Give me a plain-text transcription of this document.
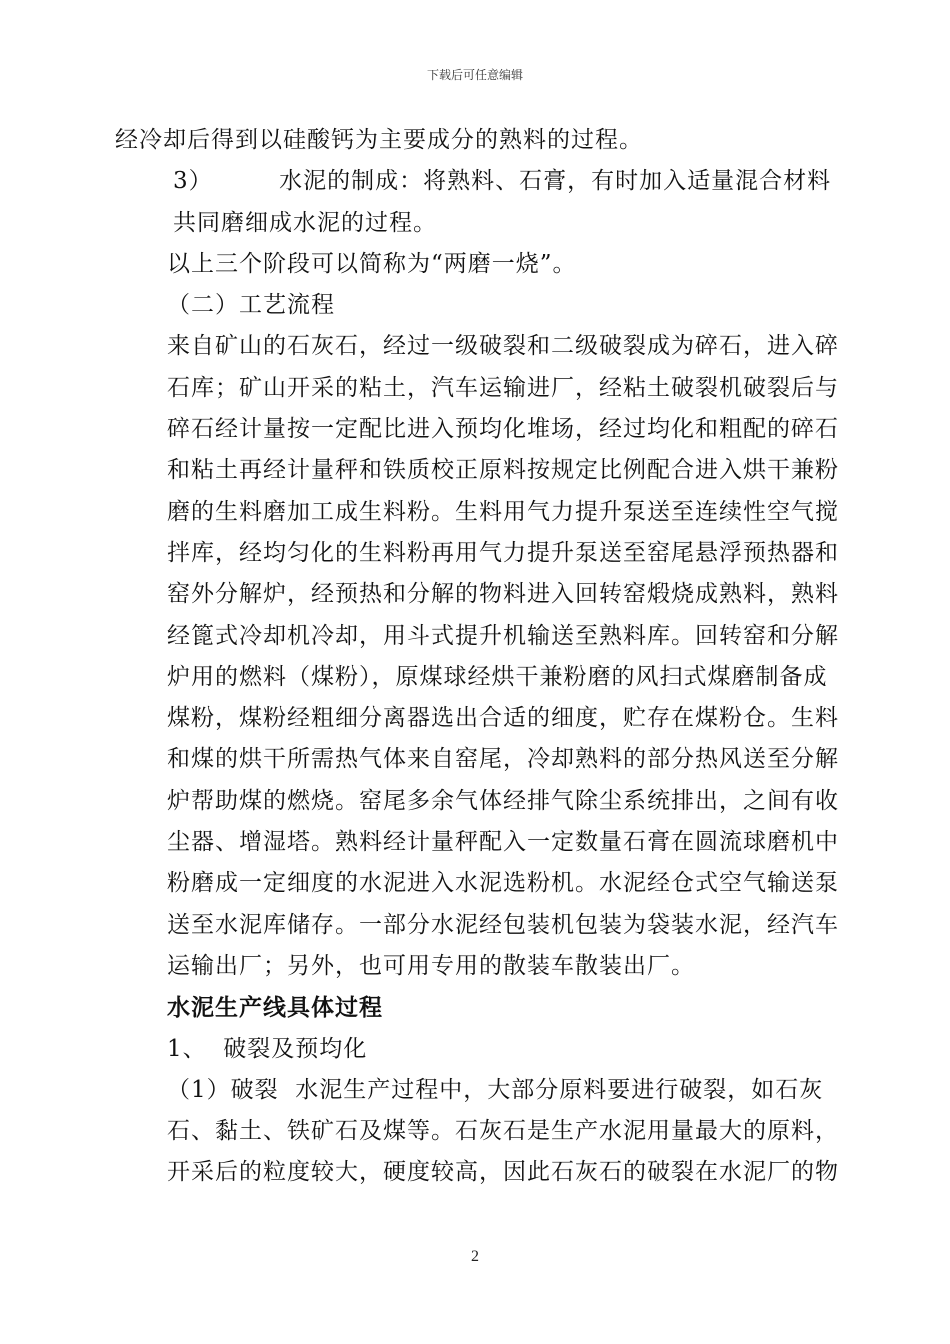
下载后可任意编辑

经冷却后得到以硅酸钙为主要成分的熟料的过程。

3）        水泥的制成：将熟料、石膏，有时加入适量混合材料共同磨细成水泥的过程。

以上三个阶段可以简称为“两磨一烧”。

（二）工艺流程

来自矿山的石灰石，经过一级破裂和二级破裂成为碎石，进入碎石库；矿山开采的粘土，汽车运输进厂，经粘土破裂机破裂后与碎石经计量按一定配比进入预均化堆场，经过均化和粗配的碎石和粘土再经计量秤和铁质校正原料按规定比例配合进入烘干兼粉磨的生料磨加工成生料粉。生料用气力提升泵送至连续性空气搅拌库，经均匀化的生料粉再用气力提升泵送至窑尾悬浮预热器和窑外分解炉，经预热和分解的物料进入回转窑煅烧成熟料，熟料经篦式冷却机冷却，用斗式提升机输送至熟料库。回转窑和分解炉用的燃料（煤粉），原煤球经烘干兼粉磨的风扫式煤磨制备成煤粉，煤粉经粗细分离器选出合适的细度，贮存在煤粉仓。生料和煤的烘干所需热气体来自窑尾，冷却熟料的部分热风送至分解炉帮助煤的燃烧。窑尾多余气体经排气除尘系统排出，之间有收尘器、增湿塔。熟料经计量秤配入一定数量石膏在圆流球磨机中粉磨成一定细度的水泥进入水泥选粉机。水泥经仓式空气输送泵送至水泥库储存。一部分水泥经包装机包装为袋装水泥，经汽车运输出厂；另外，也可用专用的散装车散装出厂。

水泥生产线具体过程

1、  破裂及预均化

（1）破裂  水泥生产过程中，大部分原料要进行破裂，如石灰石、黏土、铁矿石及煤等。石灰石是生产水泥用量最大的原料，开采后的粒度较大，硬度较高，因此石灰石的破裂在水泥厂的物

2
